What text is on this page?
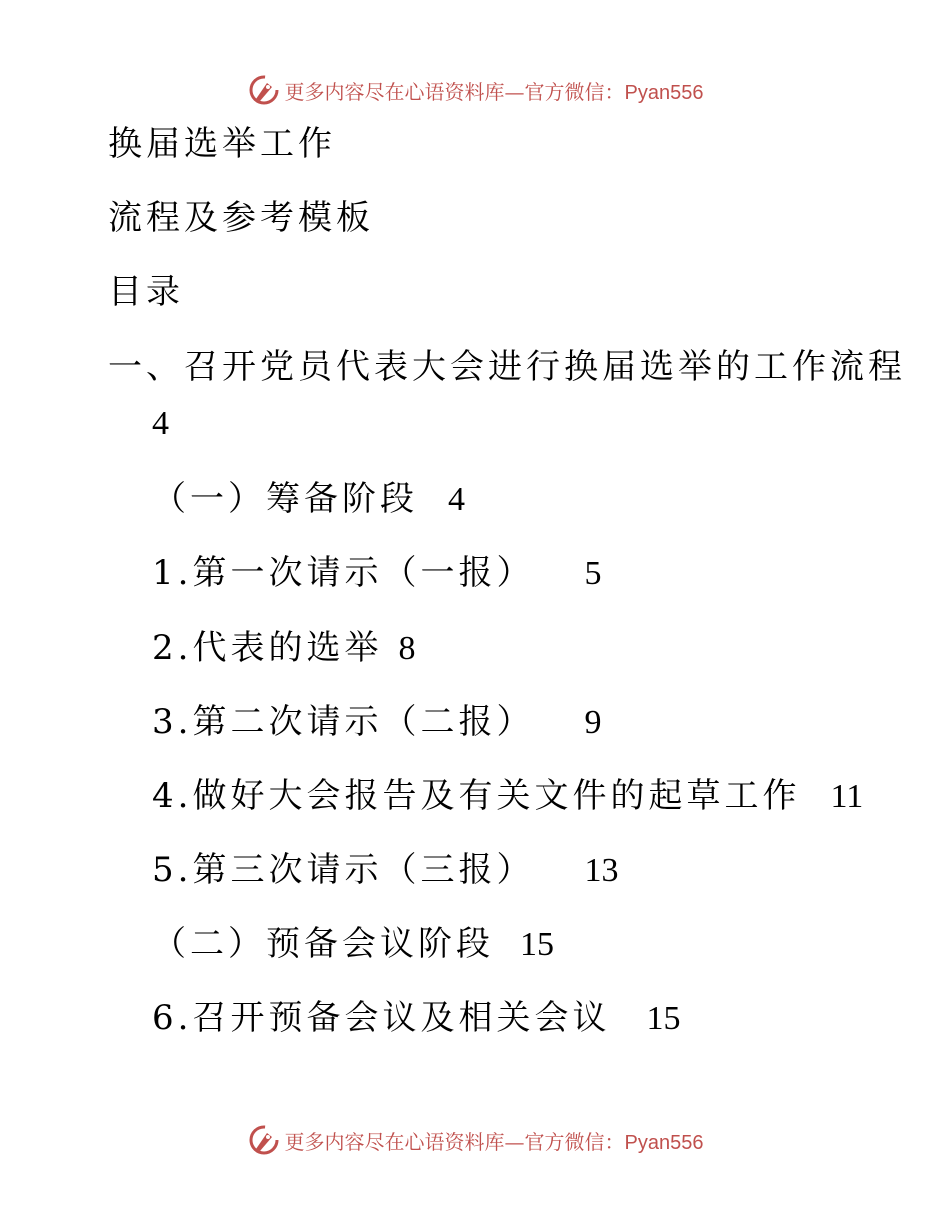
更多内容尽在心语资料库—官方微信：Pyan556
换届选举工作
流程及参考模板
目录
一、召开党员代表大会进行换届选举的工作流程
4
（一）筹备阶段 4
1.第一次请示（一报） 5
2.代表的选举 8
3.第二次请示（二报） 9
4.做好大会报告及有关文件的起草工作 11
5.第三次请示（三报） 13
（二）预备会议阶段 15
6.召开预备会议及相关会议 15
更多内容尽在心语资料库—官方微信：Pyan556
